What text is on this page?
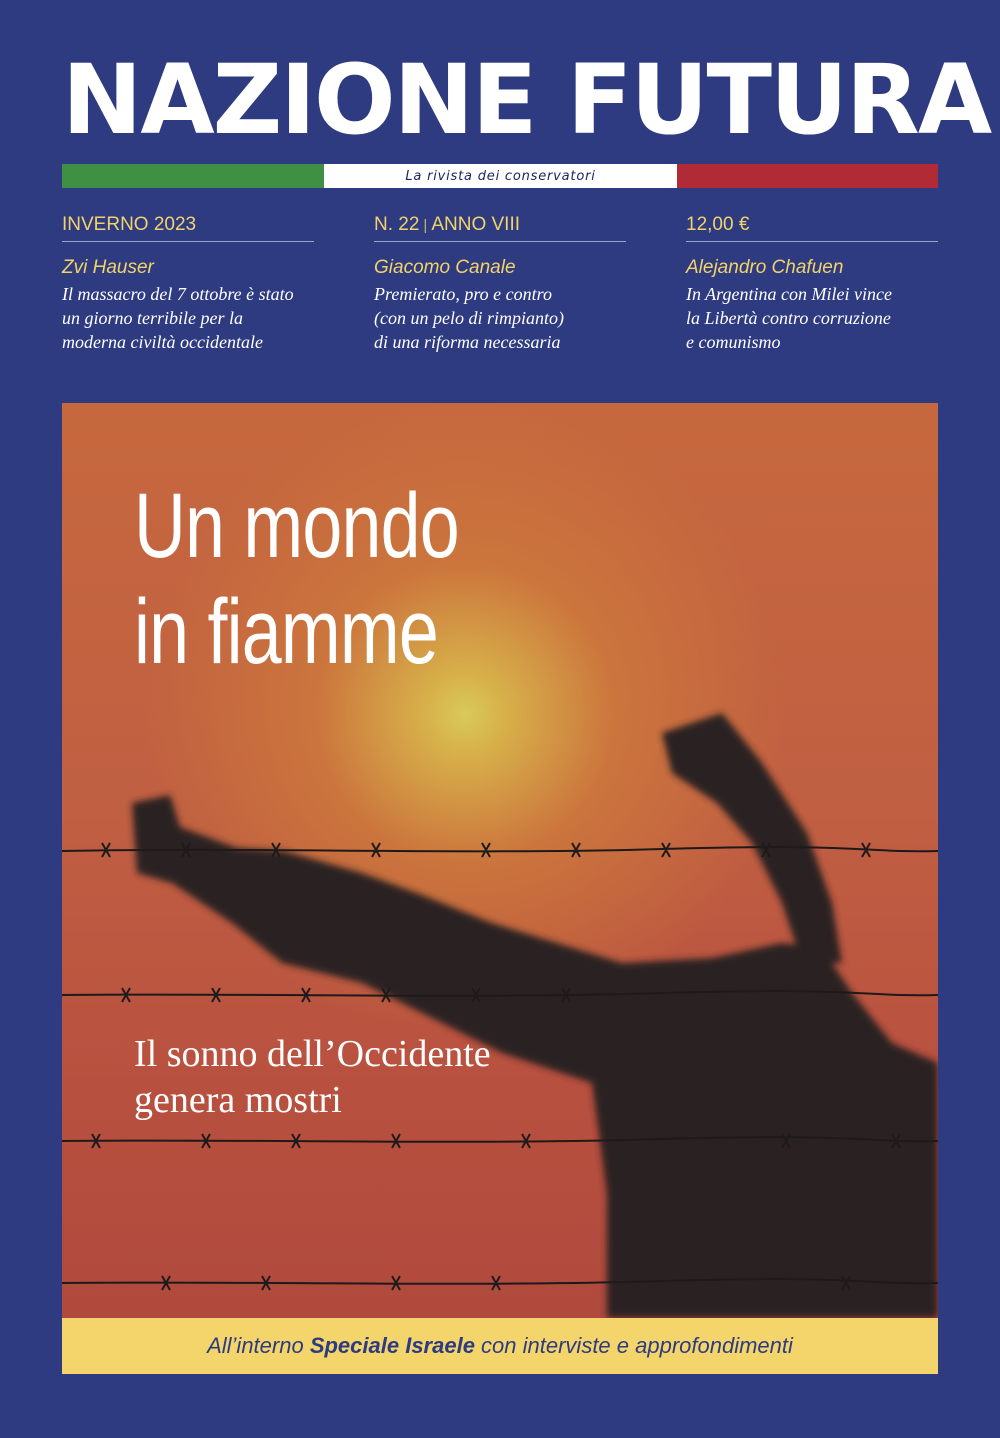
NAZIONE FUTURA
La rivista dei conservatori
INVERNO 2023
Zvi Hauser
Il massacro del 7 ottobre è stato
un giorno terribile per la
moderna civiltà occidentale
N. 22 | ANNO VIII
Giacomo Canale
Premierato, pro e contro
(con un pelo di rimpianto)
di una riforma necessaria
12,00 €
Alejandro Chafuen
In Argentina con Milei vince
la Libertà contro corruzione
e comunismo
Un mondo
in fiamme
Il sonno dell’Occidente
genera mostri
All’interno Speciale Israele con interviste e approfondimenti
